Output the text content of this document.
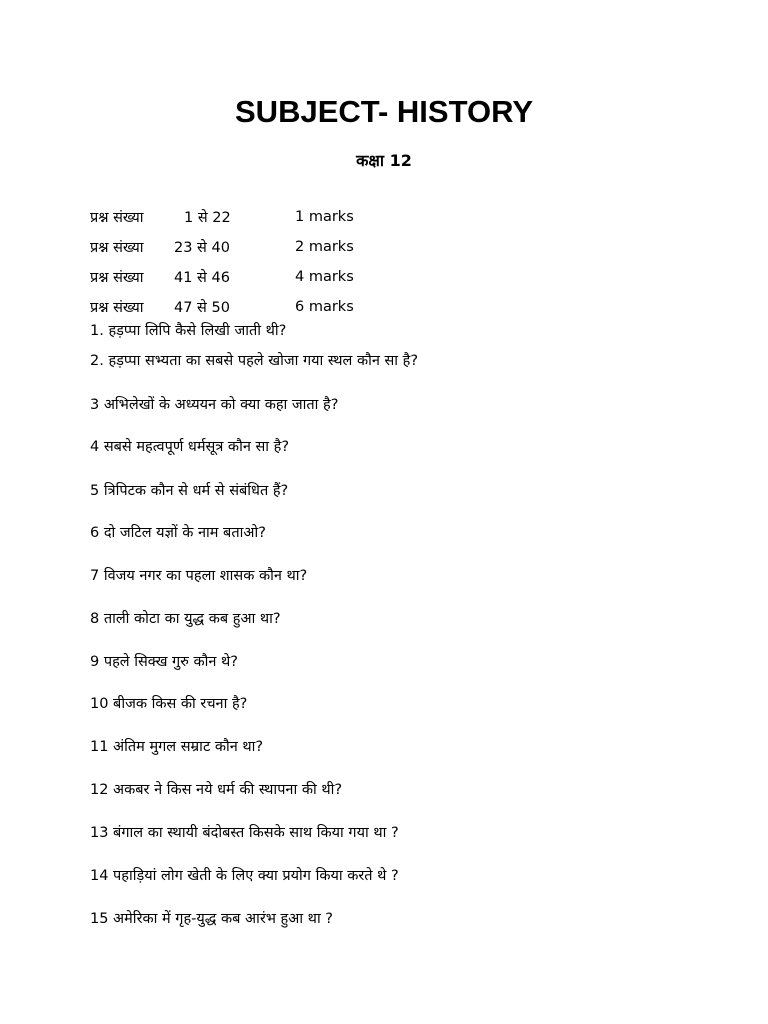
SUBJECT- HISTORY
कक्षा 12
प्रश्न संख्या	1 से 22	1 marks
प्रश्न संख्या	23 से 40	2 marks
प्रश्न संख्या	41 से 46	4 marks
प्रश्न संख्या	47 से 50	6 marks
1. हड़प्पा लिपि कैसे लिखी जाती थी?
2. हड़प्पा सभ्यता का सबसे पहले खोजा गया स्थल कौन सा है?
3 अभिलेखों के अध्ययन को क्या कहा जाता है?
4 सबसे महत्वपूर्ण धर्मसूत्र कौन सा है?
5 त्रिपिटक कौन से धर्म से संबंधित हैं?
6 दो जटिल यज्ञों के नाम बताओ?
7 विजय नगर का पहला शासक कौन था?
8 ताली कोटा का युद्ध कब हुआ था?
9 पहले सिक्ख गुरु कौन थे?
10 बीजक किस की रचना है?
11 अंतिम मुगल सम्राट कौन था?
12 अकबर ने किस नये धर्म की स्थापना की थी?
13 बंगाल का स्थायी बंदोबस्त किसके साथ किया गया था ?
14 पहाड़ियां लोग खेती के लिए क्या प्रयोग किया करते थे ?
15 अमेरिका में गृह-युद्ध कब आरंभ हुआ था ?
